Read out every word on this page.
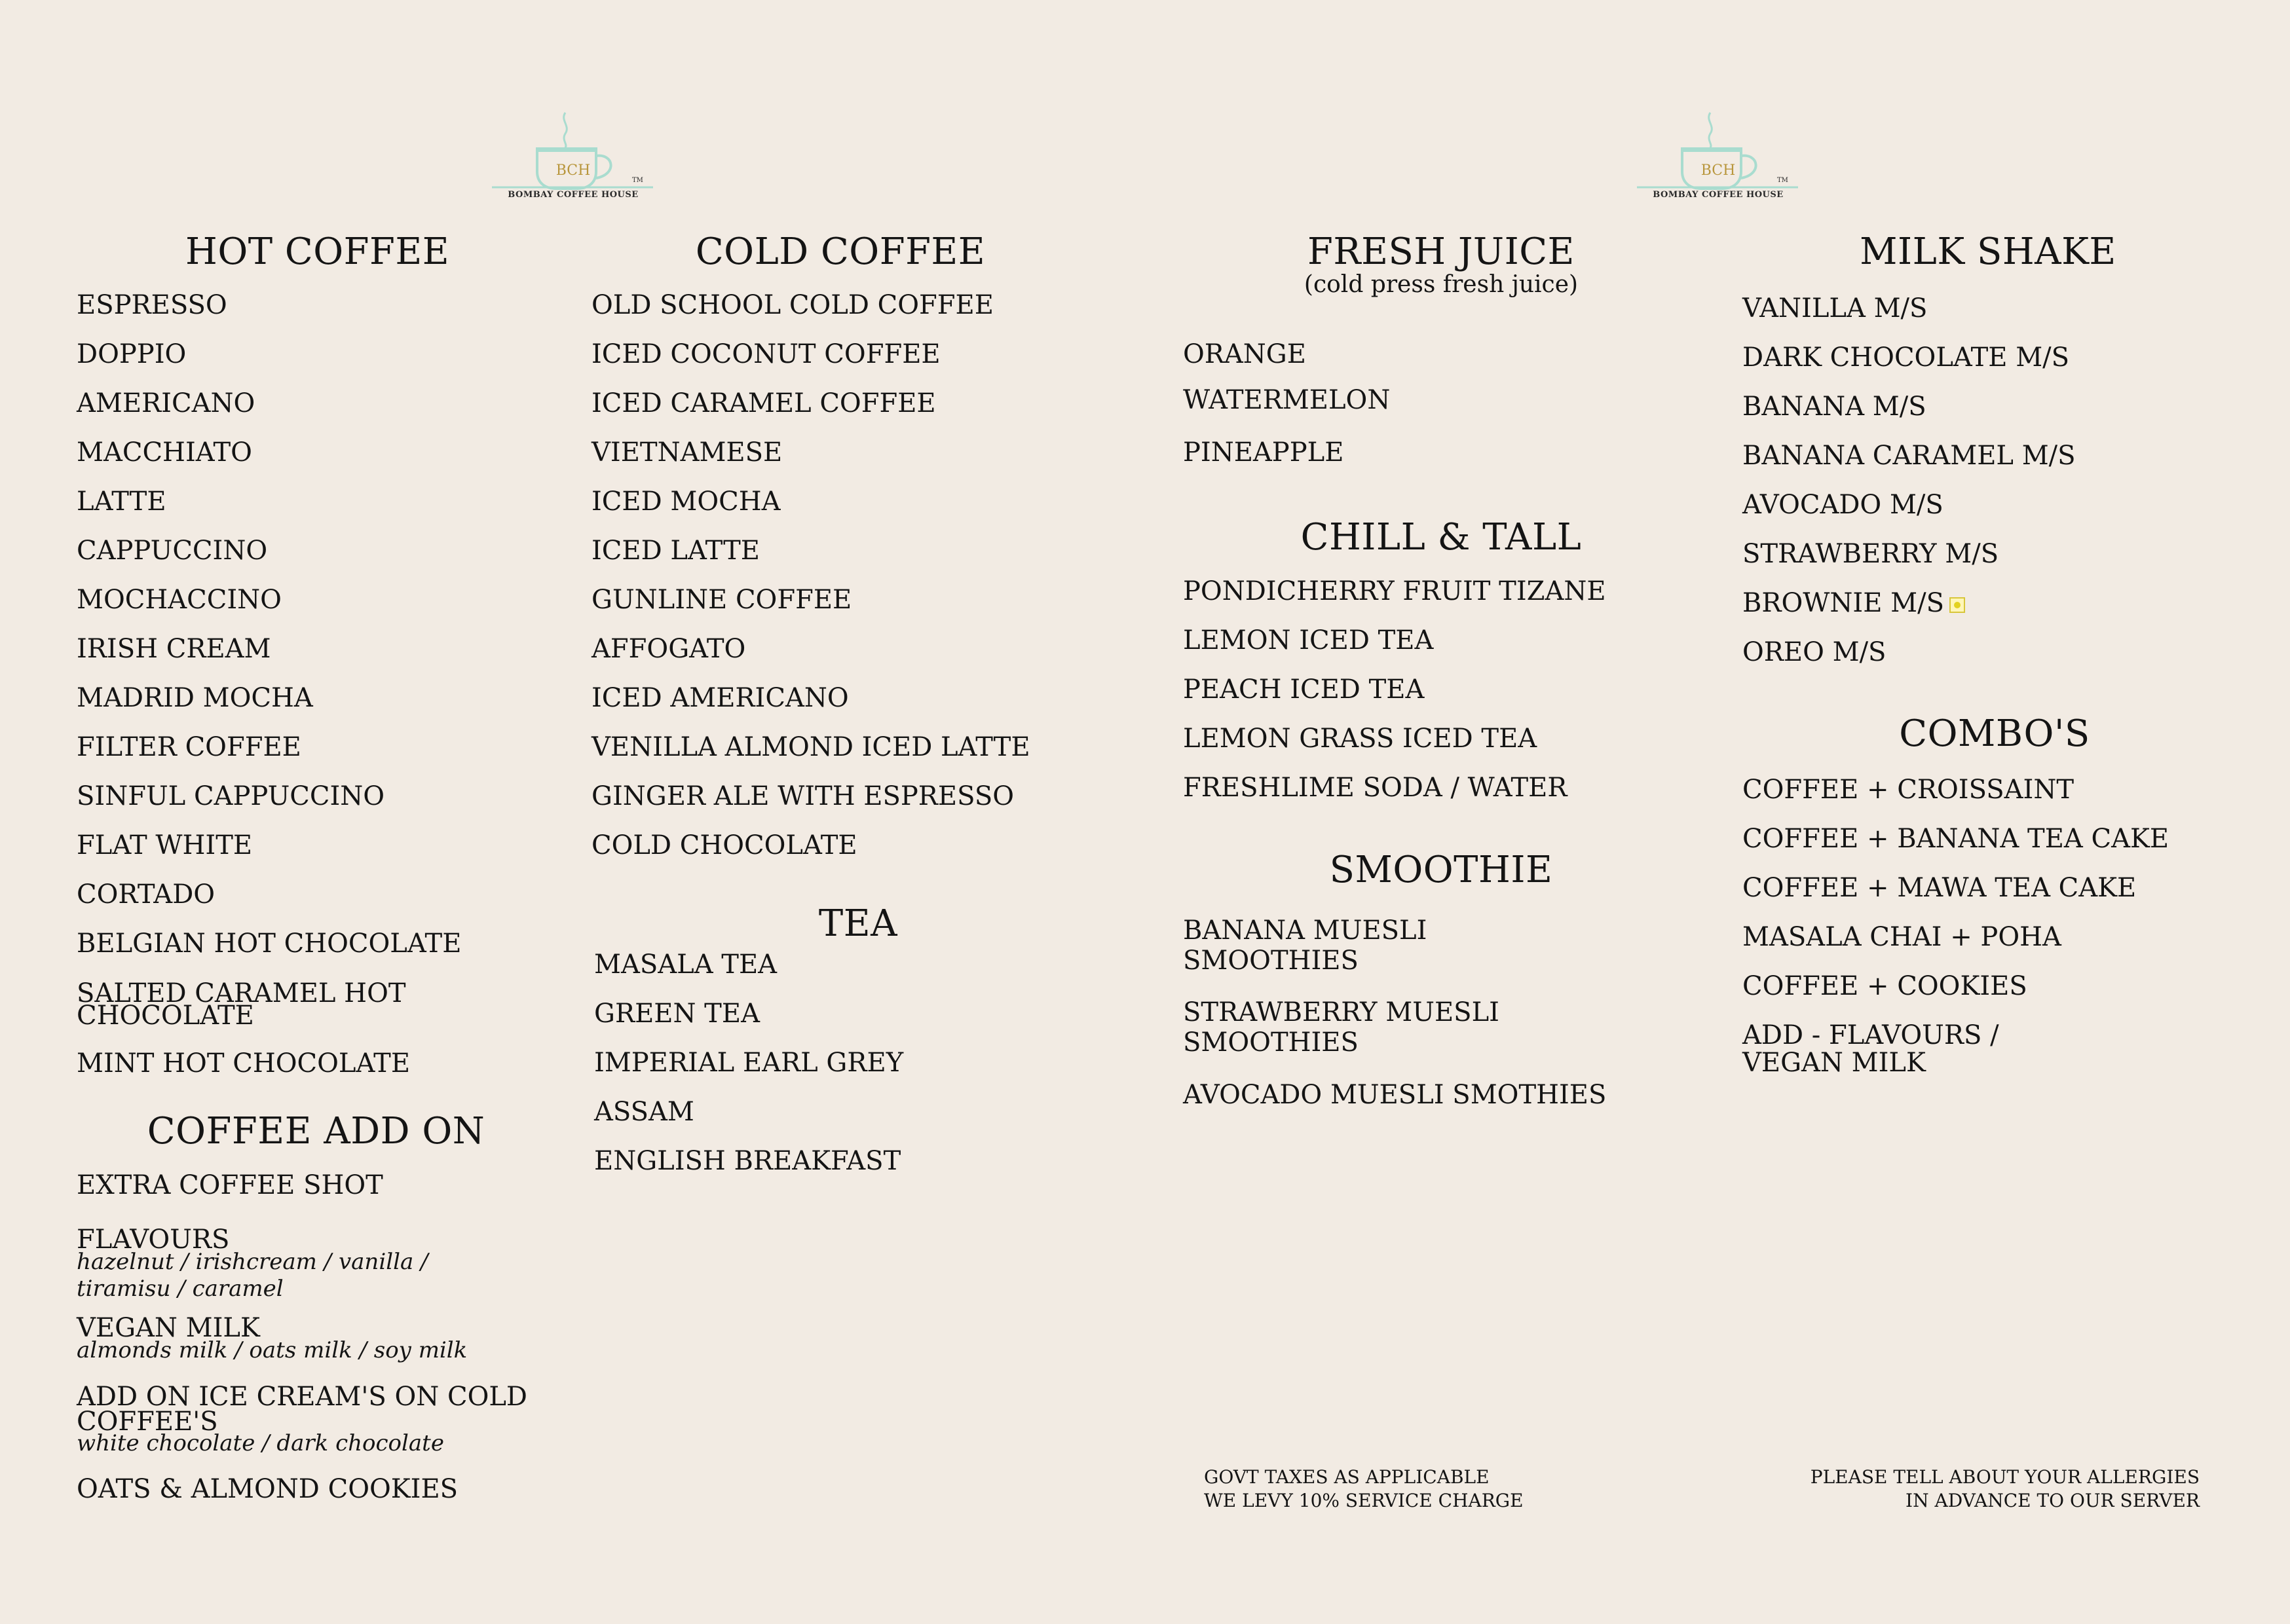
BCH
TM
BOMBAY COFFEE HOUSE
BCH
TM
BOMBAY COFFEE HOUSE
HOT COFFEE
ESPRESSO
DOPPIO
AMERICANO
MACCHIATO
LATTE
CAPPUCCINO
MOCHACCINO
IRISH CREAM
MADRID MOCHA
FILTER COFFEE
SINFUL CAPPUCCINO
FLAT WHITE
CORTADO
BELGIAN HOT CHOCOLATE
SALTED CARAMEL HOT
CHOCOLATE
MINT HOT CHOCOLATE
COFFEE ADD ON
EXTRA COFFEE SHOT
FLAVOURS
hazelnut / irishcream / vanilla /
tiramisu / caramel
VEGAN MILK
almonds milk / oats milk / soy milk
ADD ON ICE CREAM'S ON COLD
COFFEE'S
white chocolate / dark chocolate
OATS & ALMOND COOKIES
COLD COFFEE
OLD SCHOOL COLD COFFEE
ICED COCONUT COFFEE
ICED CARAMEL COFFEE
VIETNAMESE
ICED MOCHA
ICED LATTE
GUNLINE COFFEE
AFFOGATO
ICED AMERICANO
VENILLA ALMOND ICED LATTE
GINGER ALE WITH ESPRESSO
COLD CHOCOLATE
TEA
MASALA TEA
GREEN TEA
IMPERIAL EARL GREY
ASSAM
ENGLISH BREAKFAST
FRESH JUICE
(cold press fresh juice)
ORANGE
WATERMELON
PINEAPPLE
CHILL & TALL
PONDICHERRY FRUIT TIZANE
LEMON ICED TEA
PEACH ICED TEA
LEMON GRASS ICED TEA
FRESHLIME SODA / WATER
SMOOTHIE
BANANA MUESLI
SMOOTHIES
STRAWBERRY MUESLI
SMOOTHIES
AVOCADO MUESLI SMOTHIES
MILK SHAKE
VANILLA M/S
DARK CHOCOLATE M/S
BANANA M/S
BANANA CARAMEL M/S
AVOCADO M/S
STRAWBERRY M/S
BROWNIE M/S
OREO M/S
COMBO'S
COFFEE + CROISSAINT
COFFEE + BANANA TEA CAKE
COFFEE + MAWA TEA CAKE
MASALA CHAI + POHA
COFFEE + COOKIES
ADD - FLAVOURS /
VEGAN MILK
GOVT TAXES AS APPLICABLE
WE LEVY 10% SERVICE CHARGE
PLEASE TELL ABOUT YOUR ALLERGIES
IN ADVANCE TO OUR SERVER
